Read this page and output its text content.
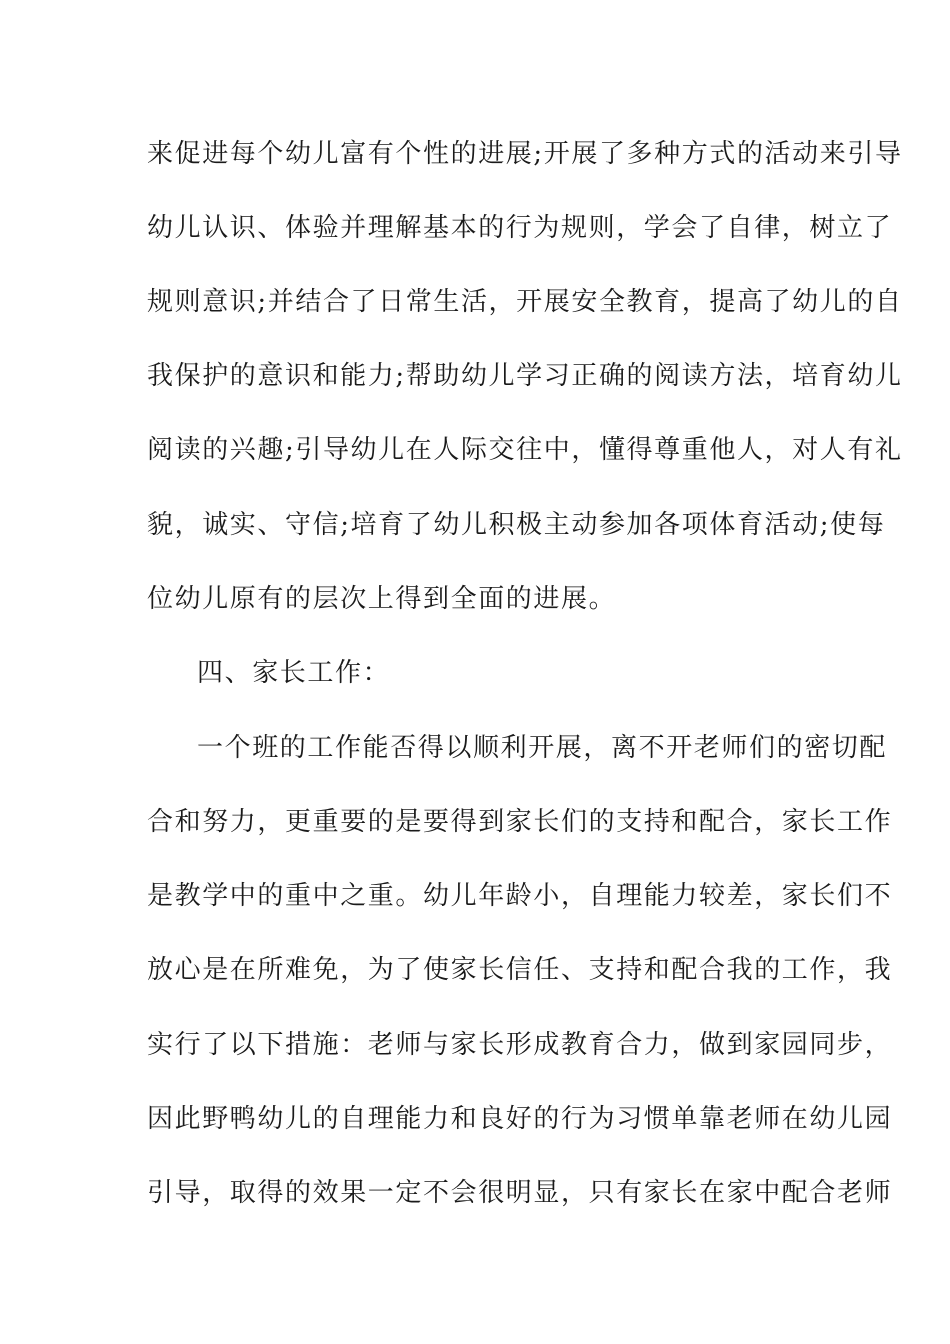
来促进每个幼儿富有个性的进展;开展了多种方式的活动来引导
幼儿认识、体验并理解基本的行为规则，学会了自律，树立了
规则意识;并结合了日常生活，开展安全教育，提高了幼儿的自
我保护的意识和能力;帮助幼儿学习正确的阅读方法，培育幼儿
阅读的兴趣;引导幼儿在人际交往中，懂得尊重他人，对人有礼
貌，诚实、守信;培育了幼儿积极主动参加各项体育活动;使每
位幼儿原有的层次上得到全面的进展。
四、家长工作：
一个班的工作能否得以顺利开展，离不开老师们的密切配
合和努力，更重要的是要得到家长们的支持和配合，家长工作
是教学中的重中之重。幼儿年龄小，自理能力较差，家长们不
放心是在所难免，为了使家长信任、支持和配合我的工作，我
实行了以下措施：老师与家长形成教育合力，做到家园同步，
因此野鸭幼儿的自理能力和良好的行为习惯单靠老师在幼儿园
引导，取得的效果一定不会很明显，只有家长在家中配合老师
